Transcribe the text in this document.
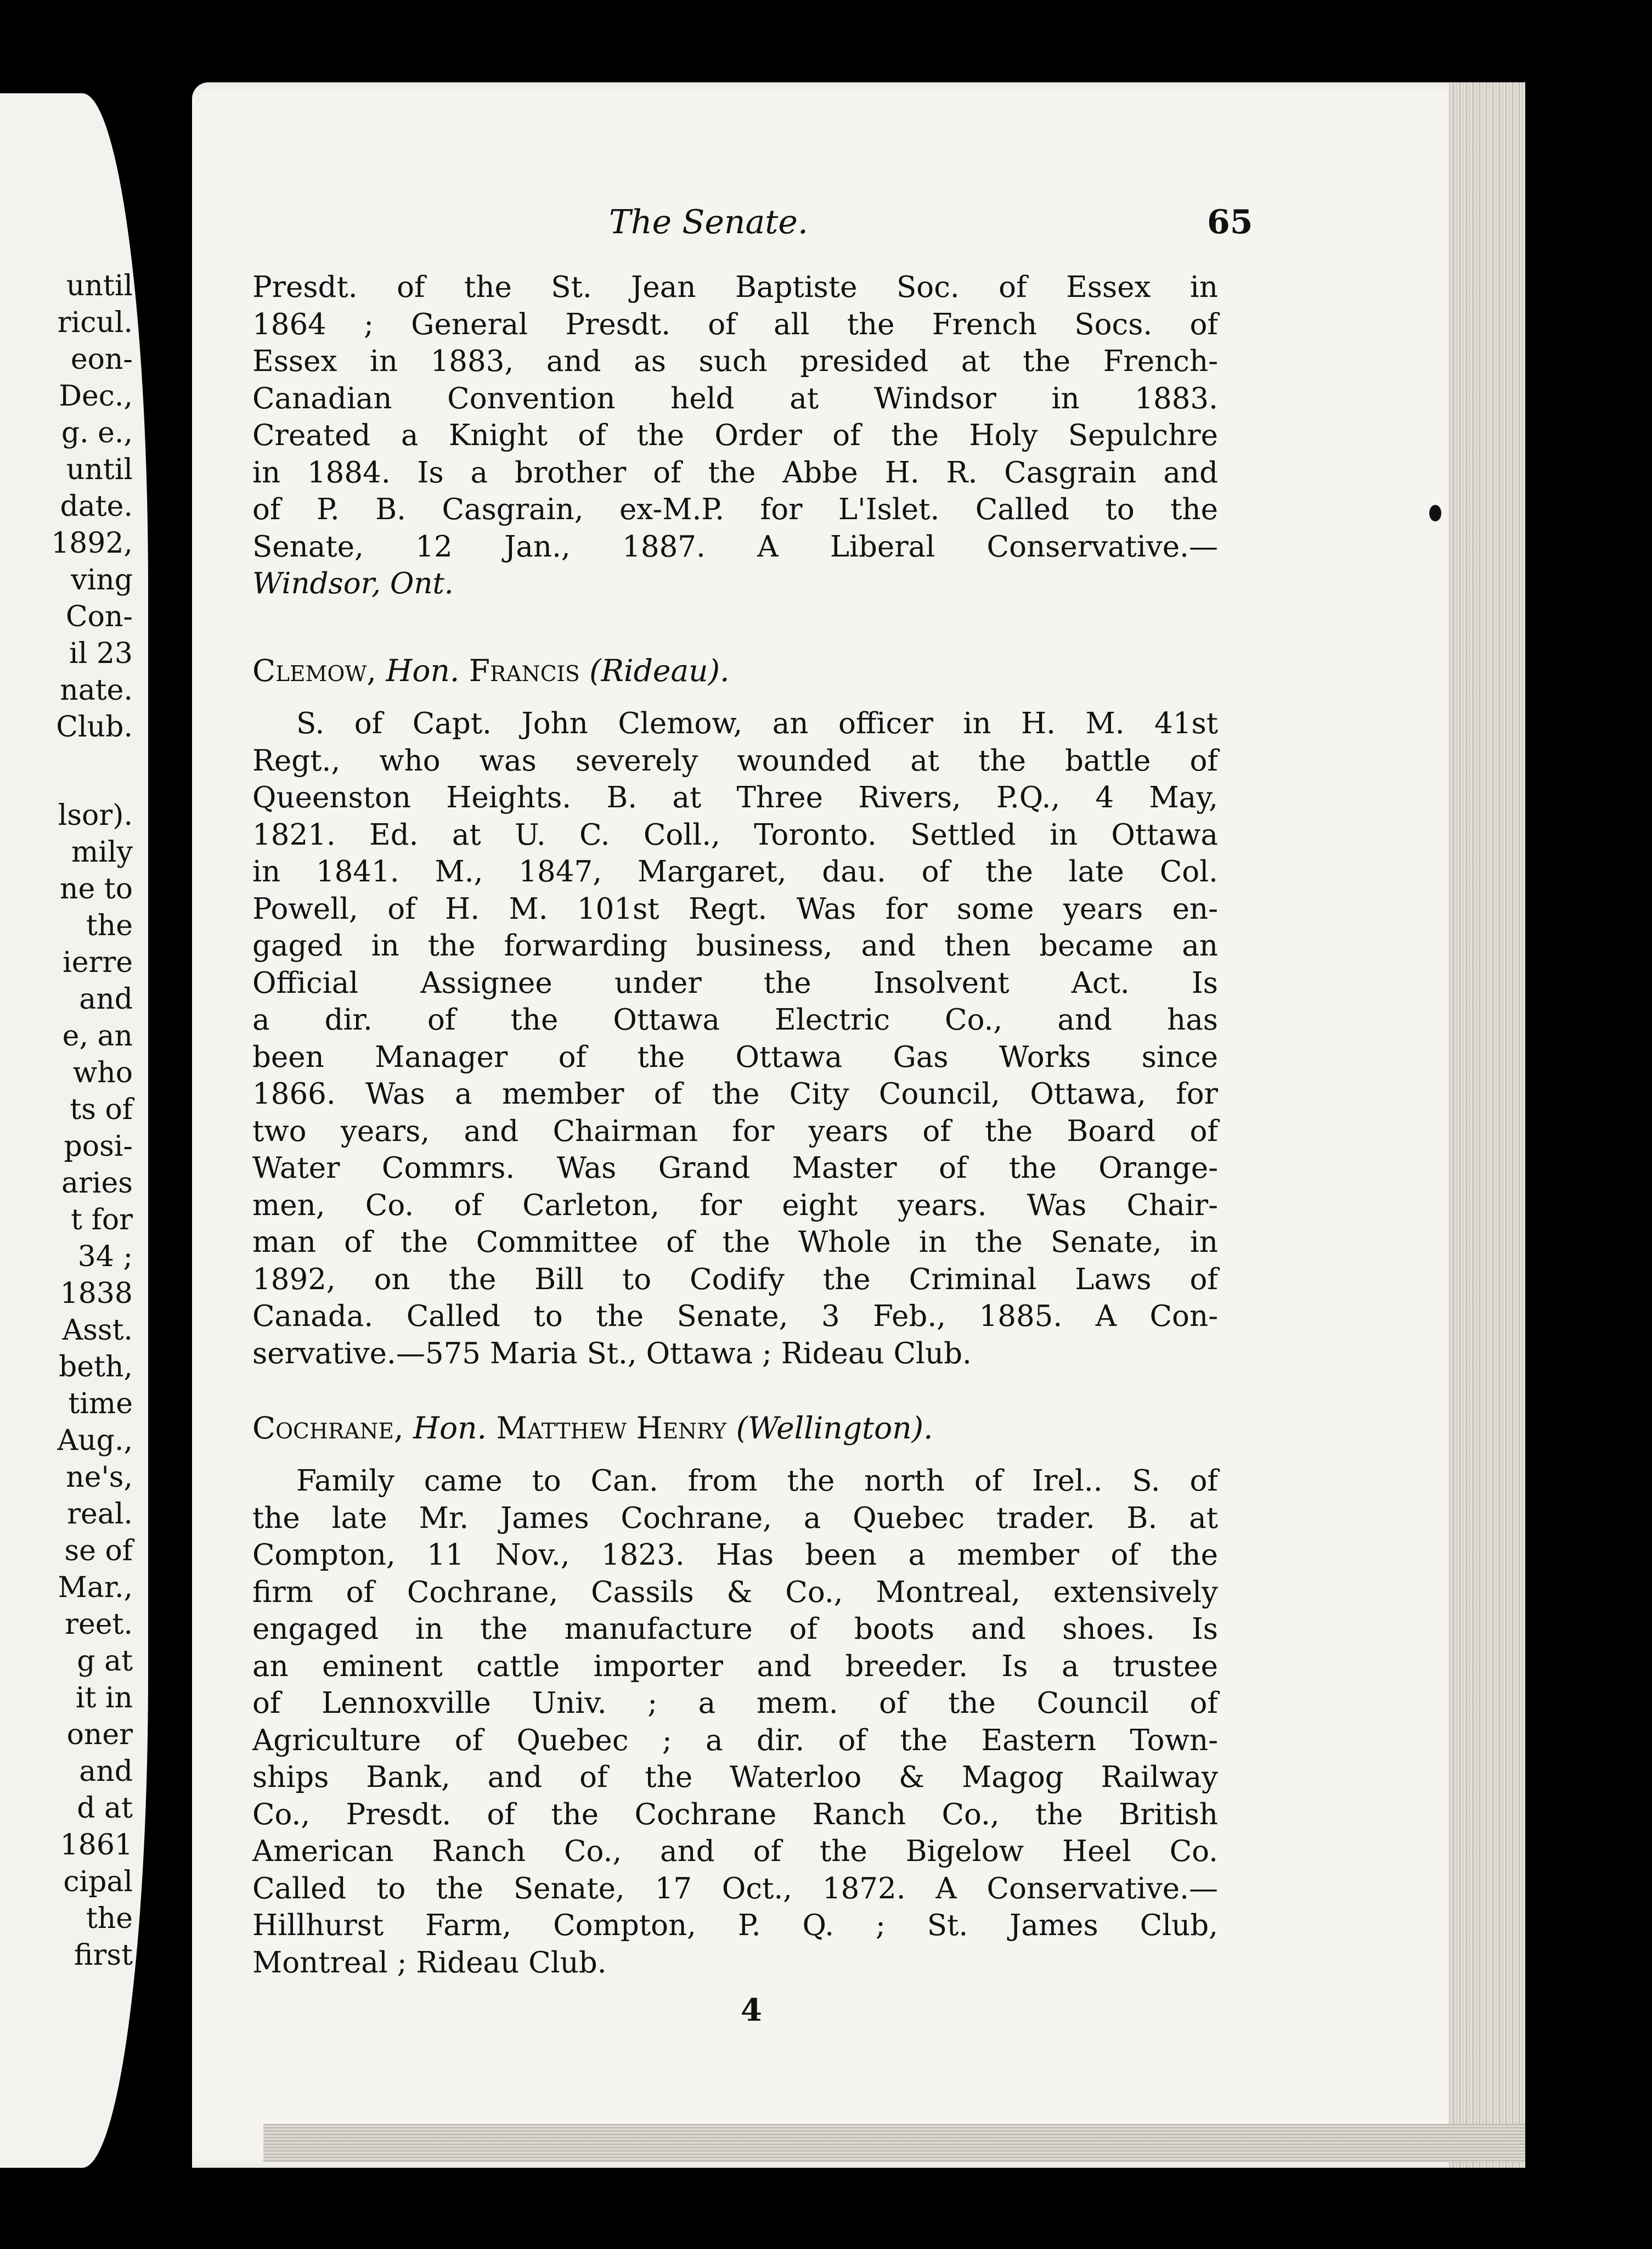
until
ricul.
eon-
Dec.,
g. e.,
until
date.
1892,
ving
Con-
il 23
nate.
Club.
lsor).
mily
ne to
the
ierre
and
e, an
who
ts of
posi-
aries
t for
34 ;
1838
Asst.
beth,
time
Aug.,
ne's,
real.
se of
Mar.,
reet.
g at
it in
oner
and
d at
1861
cipal
the
first
The Senate.	65
Presdt. of the St. Jean Baptiste Soc. of Essex in
1864 ; General Presdt. of all the French Socs. of
Essex in 1883, and as such presided at the French-
Canadian Convention held at Windsor in 1883.
Created a Knight of the Order of the Holy Sepulchre
in 1884. Is a brother of the Abbe H. R. Casgrain and
of P. B. Casgrain, ex-M.P. for L'Islet. Called to the
Senate, 12 Jan., 1887. A Liberal Conservative.—
Windsor, Ont.
Clemow, Hon. Francis (Rideau).
S. of Capt. John Clemow, an officer in H. M. 41st
Regt., who was severely wounded at the battle of
Queenston Heights. B. at Three Rivers, P.Q., 4 May,
1821. Ed. at U. C. Coll., Toronto. Settled in Ottawa
in 1841. M., 1847, Margaret, dau. of the late Col.
Powell, of H. M. 101st Regt. Was for some years en-
gaged in the forwarding business, and then became an
Official Assignee under the Insolvent Act. Is
a dir. of the Ottawa Electric Co., and has
been Manager of the Ottawa Gas Works since
1866. Was a member of the City Council, Ottawa, for
two years, and Chairman for years of the Board of
Water Commrs. Was Grand Master of the Orange-
men, Co. of Carleton, for eight years. Was Chair-
man of the Committee of the Whole in the Senate, in
1892, on the Bill to Codify the Criminal Laws of
Canada. Called to the Senate, 3 Feb., 1885. A Con-
servative.—575 Maria St., Ottawa ; Rideau Club.
Cochrane, Hon. Matthew Henry (Wellington).
Family came to Can. from the north of Irel.. S. of
the late Mr. James Cochrane, a Quebec trader. B. at
Compton, 11 Nov., 1823. Has been a member of the
firm of Cochrane, Cassils & Co., Montreal, extensively
engaged in the manufacture of boots and shoes. Is
an eminent cattle importer and breeder. Is a trustee
of Lennoxville Univ. ; a mem. of the Council of
Agriculture of Quebec ; a dir. of the Eastern Town-
ships Bank, and of the Waterloo & Magog Railway
Co., Presdt. of the Cochrane Ranch Co., the British
American Ranch Co., and of the Bigelow Heel Co.
Called to the Senate, 17 Oct., 1872. A Conservative.—
Hillhurst Farm, Compton, P. Q. ; St. James Club,
Montreal ; Rideau Club.
4
